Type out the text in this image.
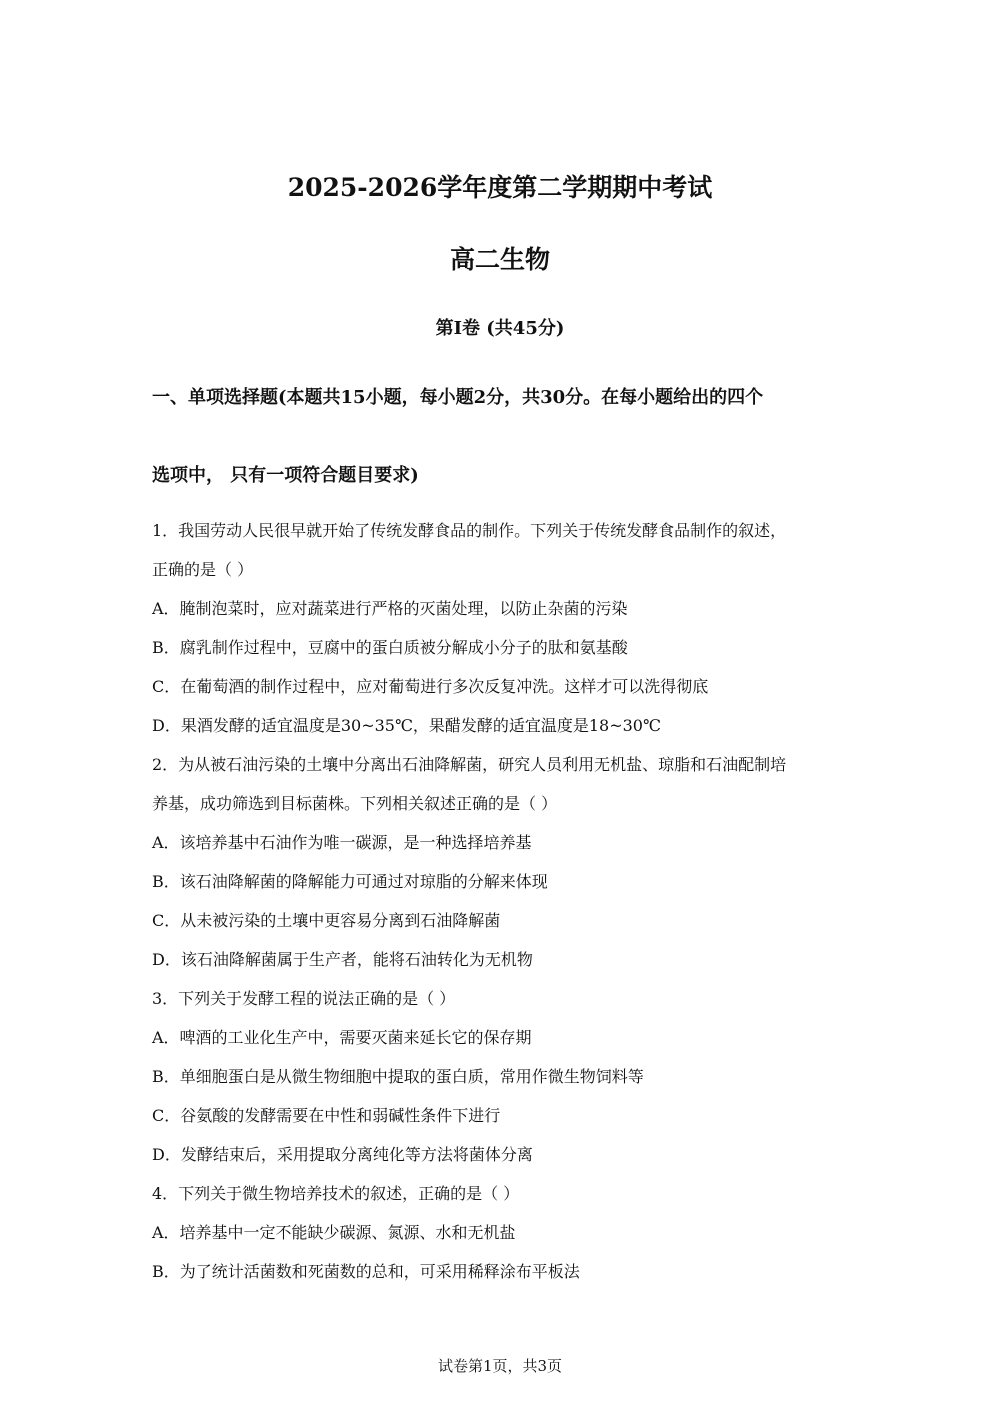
2025-2026学年度第二学期期中考试
高二生物
第I卷 (共45分)
一、单项选择题(本题共15小题，每小题2分，共30分。在每小题给出的四个
选项中， 只有一项符合题目要求)
1．我国劳动人民很早就开始了传统发酵食品的制作。下列关于传统发酵食品制作的叙述，
正确的是（ ）
A．腌制泡菜时，应对蔬菜进行严格的灭菌处理，以防止杂菌的污染
B．腐乳制作过程中，豆腐中的蛋白质被分解成小分子的肽和氨基酸
C．在葡萄酒的制作过程中，应对葡萄进行多次反复冲洗。这样才可以洗得彻底
D．果酒发酵的适宜温度是30~35℃，果醋发酵的适宜温度是18~30℃
2．为从被石油污染的土壤中分离出石油降解菌，研究人员利用无机盐、琼脂和石油配制培
养基，成功筛选到目标菌株。下列相关叙述正确的是（ ）
A．该培养基中石油作为唯一碳源，是一种选择培养基
B．该石油降解菌的降解能力可通过对琼脂的分解来体现
C．从未被污染的土壤中更容易分离到石油降解菌
D．该石油降解菌属于生产者，能将石油转化为无机物
3．下列关于发酵工程的说法正确的是（ ）
A．啤酒的工业化生产中，需要灭菌来延长它的保存期
B．单细胞蛋白是从微生物细胞中提取的蛋白质，常用作微生物饲料等
C．谷氨酸的发酵需要在中性和弱碱性条件下进行
D．发酵结束后，采用提取分离纯化等方法将菌体分离
4．下列关于微生物培养技术的叙述，正确的是（ ）
A．培养基中一定不能缺少碳源、氮源、水和无机盐
B．为了统计活菌数和死菌数的总和，可采用稀释涂布平板法
试卷第1页，共3页
